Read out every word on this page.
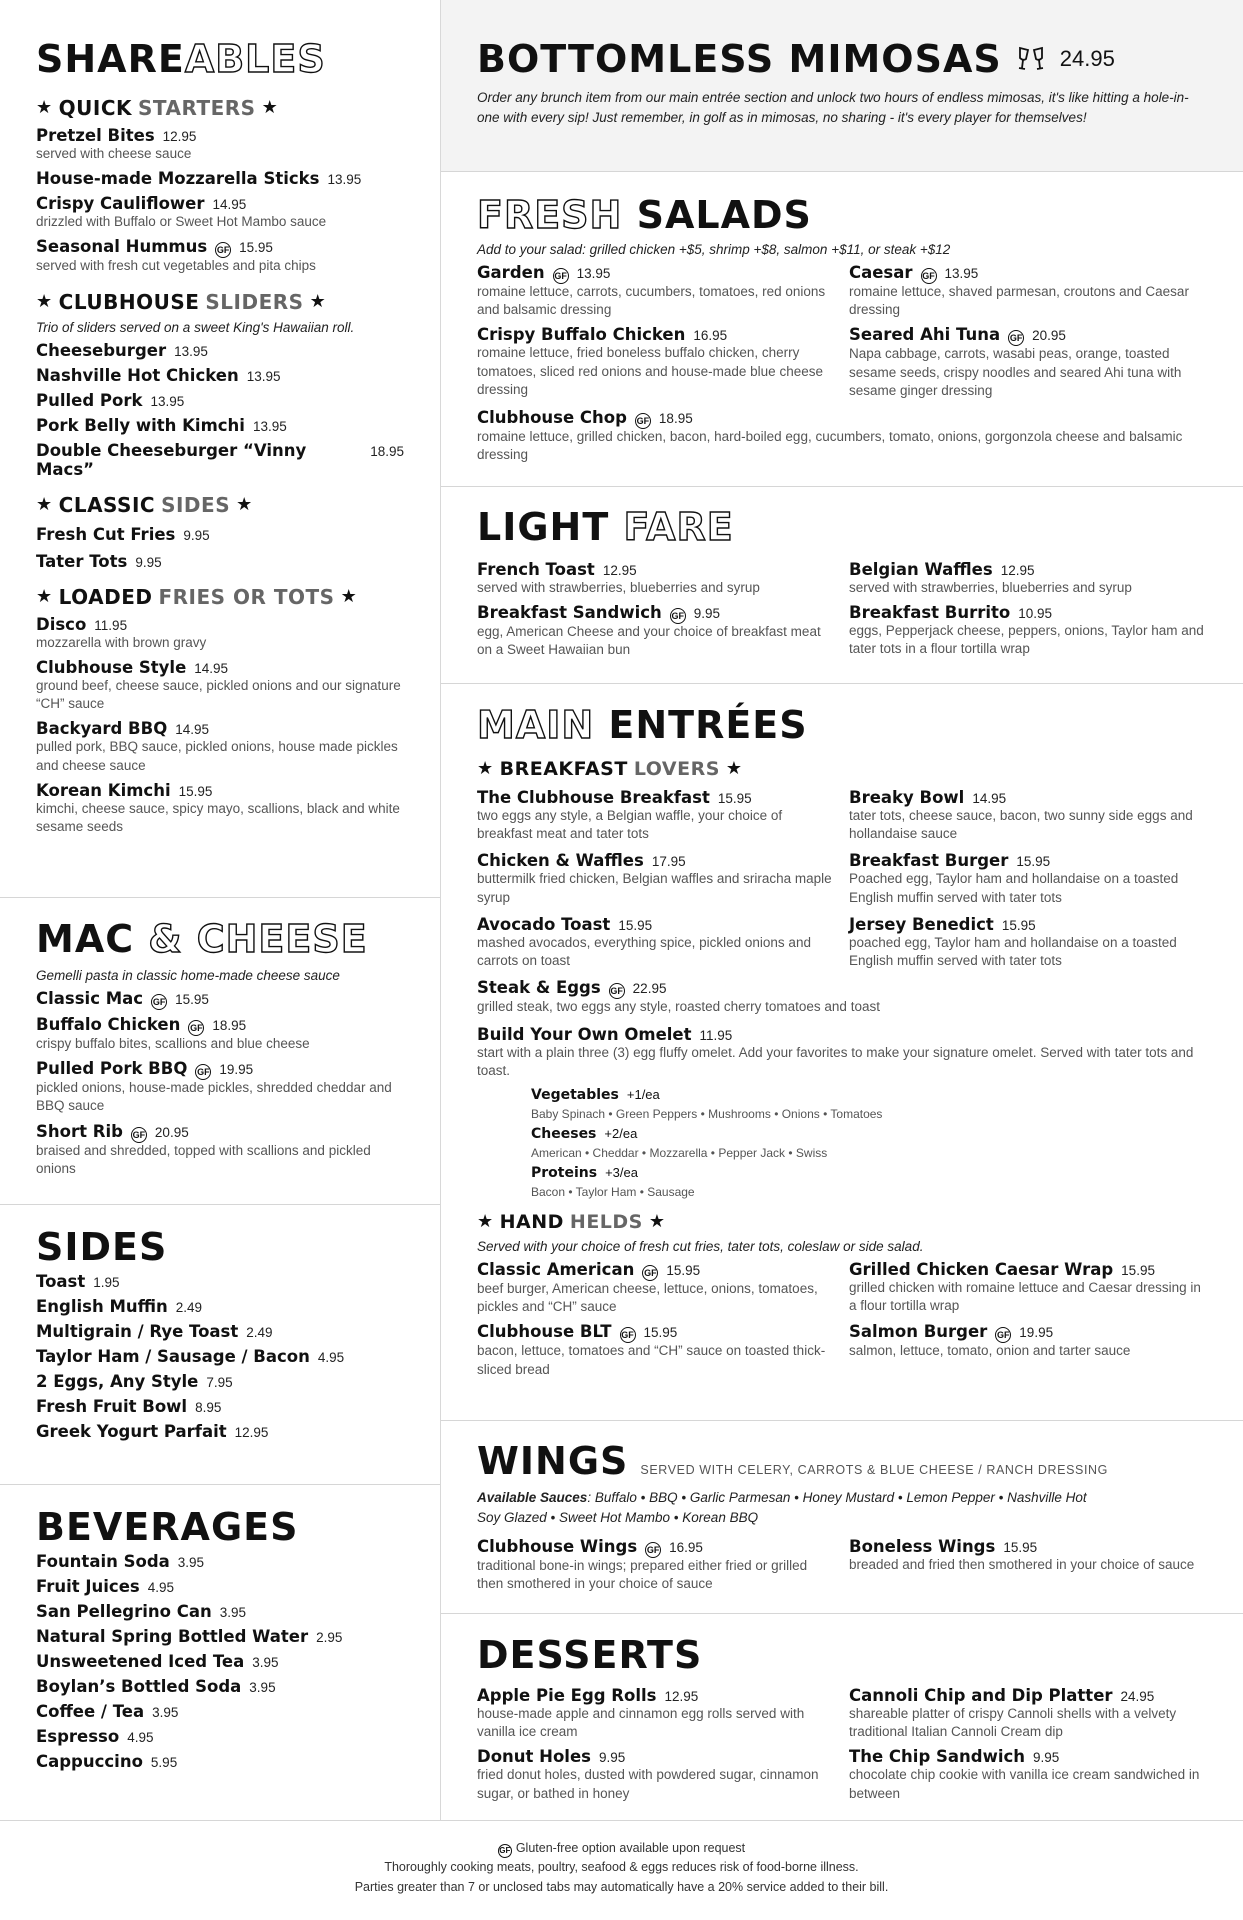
SHAREABLES
★ QUICK STARTERS ★
Pretzel Bites 12.95
served with cheese sauce
House-made Mozzarella Sticks 13.95
Crispy Cauliflower 14.95
drizzled with Buffalo or Sweet Hot Mambo sauce
Seasonal Hummus GF 15.95
served with fresh cut vegetables and pita chips
★ CLUBHOUSE SLIDERS ★
Trio of sliders served on a sweet King's Hawaiian roll.
Cheeseburger 13.95
Nashville Hot Chicken 13.95
Pulled Pork 13.95
Pork Belly with Kimchi 13.95
Double Cheeseburger “Vinny Macs”
18.95
★ CLASSIC SIDES ★
Fresh Cut Fries 9.95
Tater Tots 9.95
★ LOADED FRIES OR TOTS ★
Disco 11.95
mozzarella with brown gravy
Clubhouse Style 14.95
ground beef, cheese sauce, pickled onions and our signature “CH” sauce
Backyard BBQ 14.95
pulled pork, BBQ sauce, pickled onions, house made pickles and cheese sauce
Korean Kimchi 15.95
kimchi, cheese sauce, spicy mayo, scallions, black and white sesame seeds
MAC & CHEESE
Gemelli pasta in classic home-made cheese sauce
Classic Mac GF 15.95
Buffalo Chicken GF 18.95
crispy buffalo bites, scallions and blue cheese
Pulled Pork BBQ GF 19.95
pickled onions, house-made pickles, shredded cheddar and BBQ sauce
Short Rib GF 20.95
braised and shredded, topped with scallions and pickled onions
SIDES
Toast 1.95
English Muffin 2.49
Multigrain / Rye Toast 2.49
Taylor Ham / Sausage / Bacon 4.95
2 Eggs, Any Style 7.95
Fresh Fruit Bowl 8.95
Greek Yogurt Parfait 12.95
BEVERAGES
Fountain Soda 3.95
Fruit Juices 4.95
San Pellegrino Can 3.95
Natural Spring Bottled Water 2.95
Unsweetened Iced Tea 3.95
Boylan’s Bottled Soda 3.95
Coffee / Tea 3.95
Espresso 4.95
Cappuccino 5.95
BOTTOMLESS MIMOSAS	24.95
Order any brunch item from our main entrée section and unlock two hours of endless mimosas, it's like hitting a hole-in-one with every sip! Just remember, in golf as in mimosas, no sharing - it's every player for themselves!
FRESH SALADS
Add to your salad: grilled chicken +$5, shrimp +$8, salmon +$11, or steak +$12
Garden GF 13.95
romaine lettuce, carrots, cucumbers, tomatoes, red onions and balsamic dressing
Caesar GF 13.95
romaine lettuce, shaved parmesan, croutons and Caesar dressing
Crispy Buffalo Chicken 16.95
romaine lettuce, fried boneless buffalo chicken, cherry tomatoes, sliced red onions and house-made blue cheese dressing
Seared Ahi Tuna GF 20.95
Napa cabbage, carrots, wasabi peas, orange, toasted sesame seeds, crispy noodles and seared Ahi tuna with sesame ginger dressing
Clubhouse Chop GF 18.95
romaine lettuce, grilled chicken, bacon, hard-boiled egg, cucumbers, tomato, onions, gorgonzola cheese and balsamic dressing
LIGHT FARE
French Toast 12.95
served with strawberries, blueberries and syrup
Belgian Waffles 12.95
served with strawberries, blueberries and syrup
Breakfast Sandwich GF 9.95
egg, American Cheese and your choice of breakfast meat on a Sweet Hawaiian bun
Breakfast Burrito 10.95
eggs, Pepperjack cheese, peppers, onions, Taylor ham and tater tots in a flour tortilla wrap
MAIN ENTRÉES
★ BREAKFAST LOVERS ★
The Clubhouse Breakfast 15.95
two eggs any style, a Belgian waffle, your choice of breakfast meat and tater tots
Breaky Bowl 14.95
tater tots, cheese sauce, bacon, two sunny side eggs and hollandaise sauce
Chicken & Waffles 17.95
buttermilk fried chicken, Belgian waffles and sriracha maple syrup
Breakfast Burger 15.95
Poached egg, Taylor ham and hollandaise on a toasted English muffin served with tater tots
Avocado Toast 15.95
mashed avocados, everything spice, pickled onions and carrots on toast
Jersey Benedict 15.95
poached egg, Taylor ham and hollandaise on a toasted English muffin served with tater tots
Steak & Eggs GF 22.95
grilled steak, two eggs any style, roasted cherry tomatoes and toast
Build Your Own Omelet 11.95
start with a plain three (3) egg fluffy omelet. Add your favorites to make your signature omelet. Served with tater tots and toast.
Vegetables +1/ea
Baby Spinach • Green Peppers • Mushrooms • Onions • Tomatoes
Cheeses +2/ea
American • Cheddar • Mozzarella • Pepper Jack • Swiss
Proteins +3/ea
Bacon • Taylor Ham • Sausage
★ HAND HELDS ★
Served with your choice of fresh cut fries, tater tots, coleslaw or side salad.
Classic American GF 15.95
beef burger, American cheese, lettuce, onions, tomatoes, pickles and “CH” sauce
Grilled Chicken Caesar Wrap 15.95
grilled chicken with romaine lettuce and Caesar dressing in a flour tortilla wrap
Clubhouse BLT GF 15.95
bacon, lettuce, tomatoes and “CH” sauce on toasted thick-sliced bread
Salmon Burger GF 19.95
salmon, lettuce, tomato, onion and tarter sauce
WINGS SERVED WITH CELERY, CARROTS & BLUE CHEESE / RANCH DRESSING
Available Sauces: Buffalo • BBQ • Garlic Parmesan • Honey Mustard • Lemon Pepper • Nashville Hot
Soy Glazed • Sweet Hot Mambo • Korean BBQ
Clubhouse Wings GF 16.95
traditional bone-in wings; prepared either fried or grilled then smothered in your choice of sauce
Boneless Wings 15.95
breaded and fried then smothered in your choice of sauce
DESSERTS
Apple Pie Egg Rolls 12.95
house-made apple and cinnamon egg rolls served with vanilla ice cream
Cannoli Chip and Dip Platter 24.95
shareable platter of crispy Cannoli shells with a velvety traditional Italian Cannoli Cream dip
Donut Holes 9.95
fried donut holes, dusted with powdered sugar, cinnamon sugar, or bathed in honey
The Chip Sandwich 9.95
chocolate chip cookie with vanilla ice cream sandwiched in between
GF Gluten-free option available upon request
Thoroughly cooking meats, poultry, seafood & eggs reduces risk of food-borne illness.
Parties greater than 7 or unclosed tabs may automatically have a 20% service added to their bill.
